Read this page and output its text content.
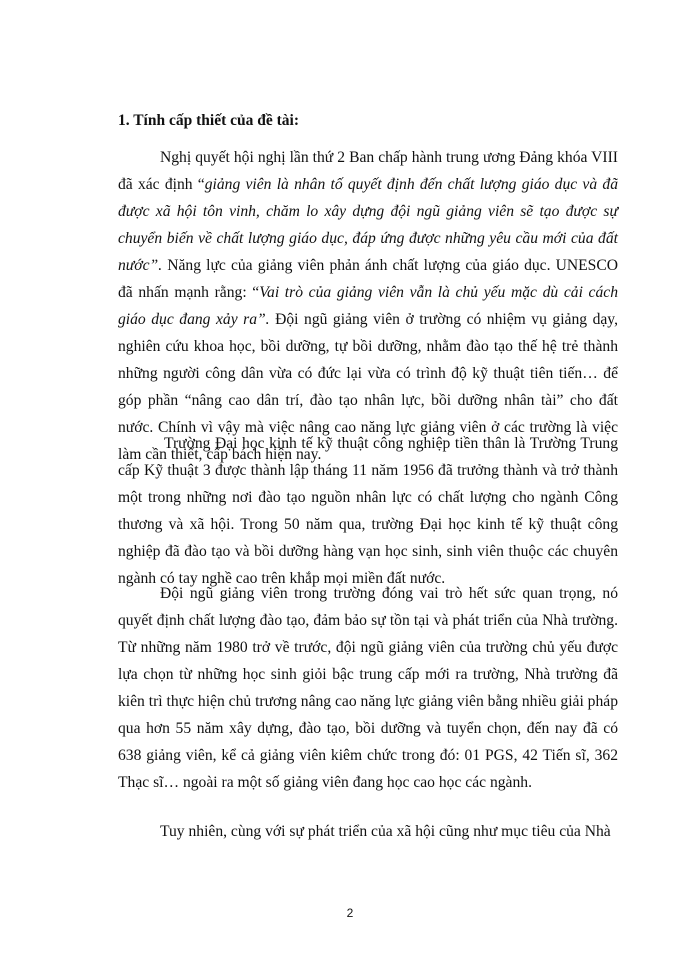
1. Tính cấp thiết của đề tài:

Nghị quyết hội nghị lần thứ 2 Ban chấp hành trung ương Đảng khóa VIII đã xác định “giảng viên là nhân tố quyết định đến chất lượng giáo dục và đã được xã hội tôn vinh, chăm lo xây dựng đội ngũ giảng viên sẽ tạo được sự chuyển biến về chất lượng giáo dục, đáp ứng được những yêu cầu mới của đất nước”. Năng lực của giảng viên phản ánh chất lượng của giáo dục. UNESCO đã nhấn mạnh rằng: “Vai trò của giảng viên vẫn là chủ yếu mặc dù cải cách giáo dục đang xảy ra”. Đội ngũ giảng viên ở trường có nhiệm vụ giảng dạy, nghiên cứu khoa học, bồi dưỡng, tự bồi dưỡng, nhằm đào tạo thế hệ trẻ thành những người công dân vừa có đức lại vừa có trình độ kỹ thuật tiên tiến… để góp phần “nâng cao dân trí, đào tạo nhân lực, bồi dưỡng nhân tài” cho đất nước. Chính vì vậy mà việc nâng cao năng lực giảng viên ở các trường là việc làm cần thiết, cấp bách hiện nay.

Trường Đại học kinh tế kỹ thuật công nghiệp tiền thân là Trường Trung cấp Kỹ thuật 3 được thành lập tháng 11 năm 1956 đã trưởng thành và trở thành một trong những nơi đào tạo nguồn nhân lực có chất lượng cho ngành Công thương và xã hội. Trong 50 năm qua, trường Đại học kinh tế kỹ thuật công nghiệp đã đào tạo và bồi dưỡng hàng vạn học sinh, sinh viên thuộc các chuyên ngành có tay nghề cao trên khắp mọi miền đất nước.

Đội ngũ giảng viên trong trường đóng vai trò hết sức quan trọng, nó quyết định chất lượng đào tạo, đảm bảo sự tồn tại và phát triển của Nhà trường. Từ những năm 1980 trở về trước, đội ngũ giảng viên của trường chủ yếu được lựa chọn từ những học sinh giỏi bậc trung cấp mới ra trường, Nhà trường đã kiên trì thực hiện chủ trương nâng cao năng lực giảng viên bằng nhiều giải pháp qua hơn 55 năm xây dựng, đào tạo, bồi dưỡng và tuyển chọn, đến nay đã có 638 giảng viên, kể cả giảng viên kiêm chức trong đó: 01 PGS, 42 Tiến sĩ, 362 Thạc sĩ… ngoài ra một số giảng viên đang học cao học các ngành.

Tuy nhiên, cùng với sự phát triển của xã hội cũng như mục tiêu của Nhà

2
